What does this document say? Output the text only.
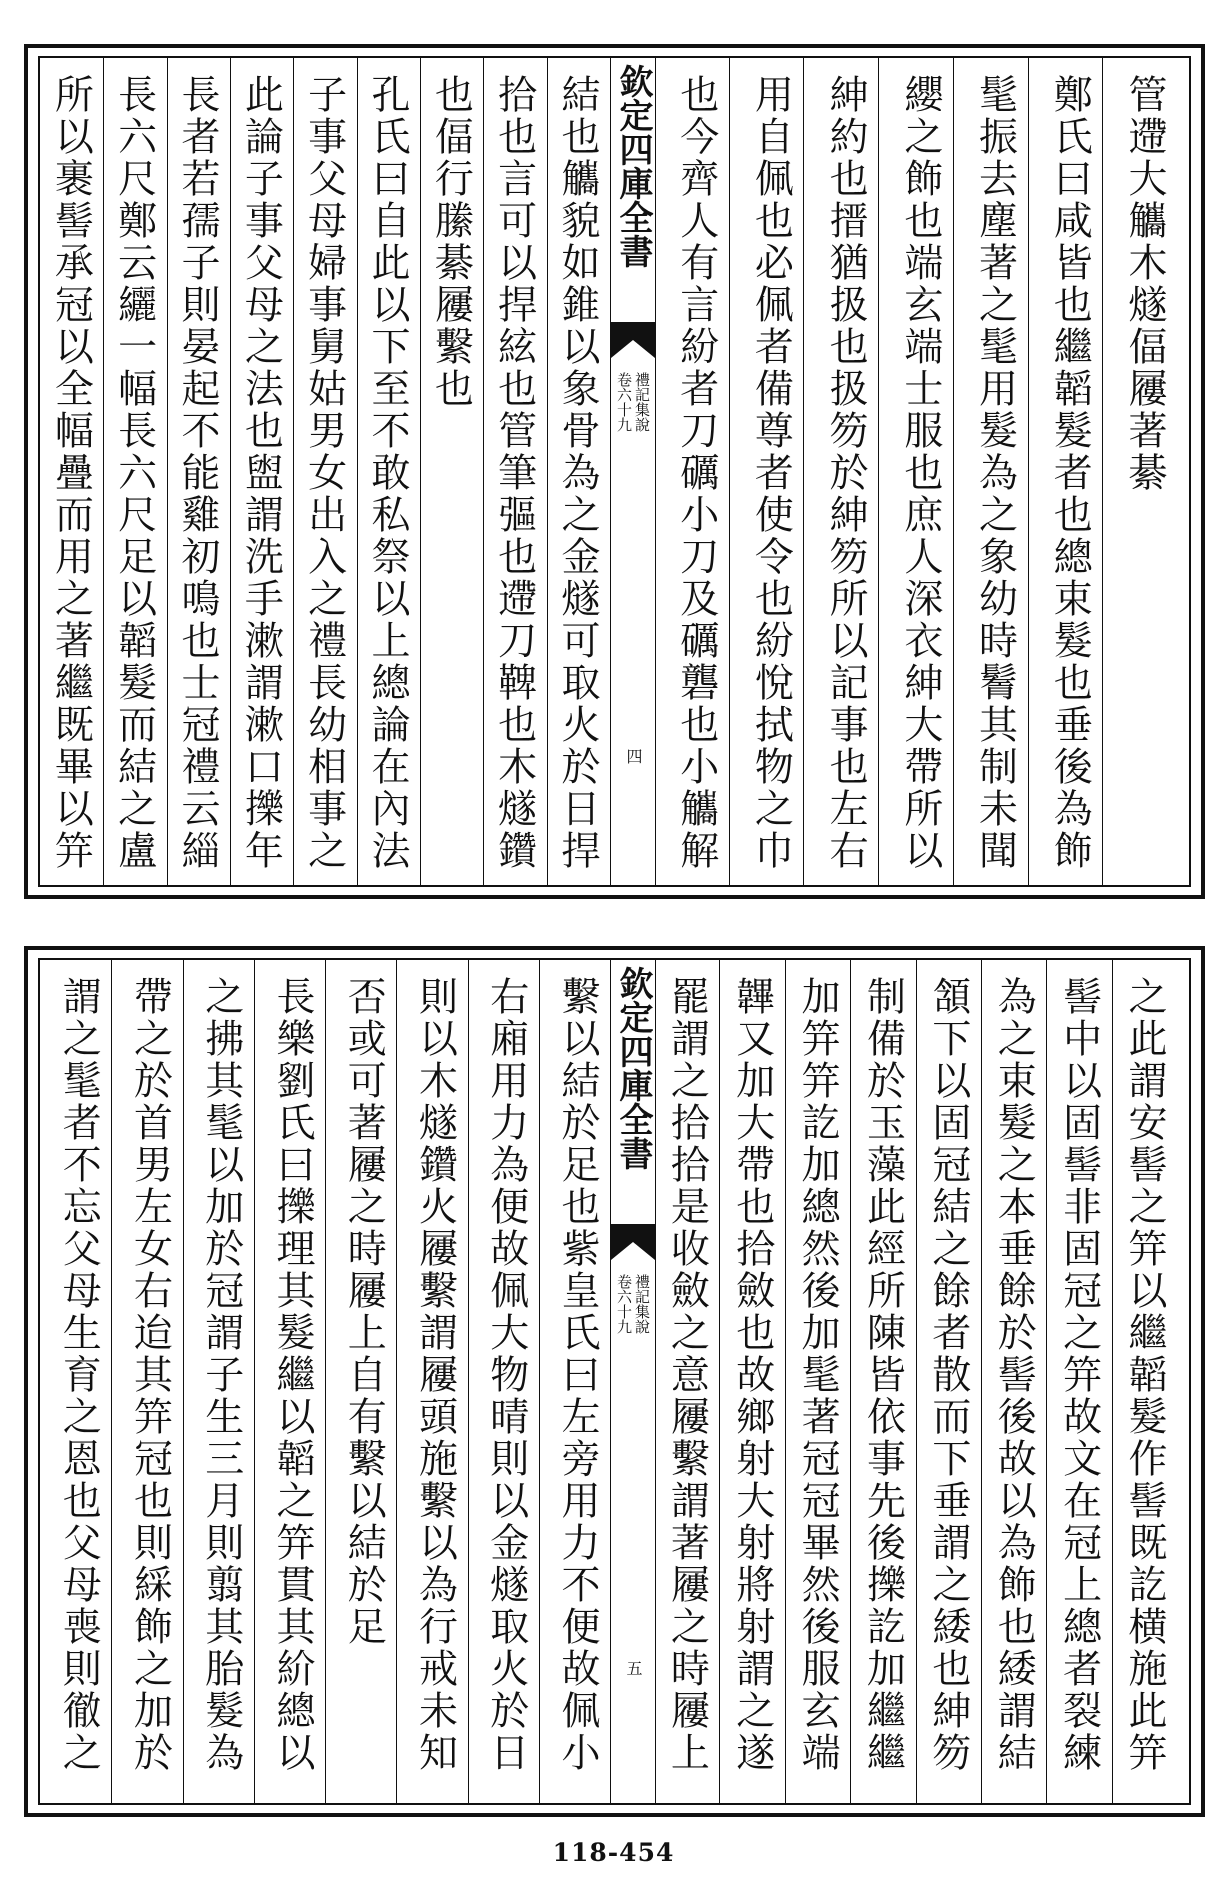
欽定四庫全書
禮記集說
卷六十九
四
管遰大觿木燧偪屨著綦
鄭氏曰咸皆也繼韜髮者也總束髮也垂後為飾
髦振去塵著之髦用髮為之象幼時鬌其制未聞
纓之飾也端玄端士服也庶人深衣紳大帶所以
紳約也搢猶扱也扱笏於紳笏所以記事也左右
用自佩也必佩者備尊者使令也紛悅拭物之巾
也今齊人有言紛者刀礪小刀及礪礱也小觿解
結也觿貌如錐以象骨為之金燧可取火於日捍
拾也言可以捍絃也管筆彄也遰刀鞞也木燧鑽
也偪行縢綦屨繫也
孔氏曰自此以下至不敢私祭以上總論在內法
子事父母婦事舅姑男女出入之禮長幼相事之
此論子事父母之法也盥謂洗手漱謂漱口擽年
長者若孺子則晏起不能雞初鳴也士冠禮云緇
長六尺鄭云纚一幅長六尺足以韜髮而結之盧
所以裹髻承冠以全幅疊而用之著繼既畢以笄
欽定四庫全書
禮記集說
卷六十九
五
之此謂安髻之笄以繼韜髮作髻既訖横施此笄
髻中以固髻非固冠之笄故文在冠上總者裂練
為之束髮之本垂餘於髻後故以為飾也緌謂結
頷下以固冠結之餘者散而下垂謂之緌也紳笏
制備於玉藻此經所陳皆依事先後擽訖加繼繼
加笄笄訖加總然後加髦著冠冠畢然後服玄端
韠又加大帶也拾斂也故鄉射大射將射謂之遂
罷謂之拾拾是收斂之意屨繫謂著屨之時屨上
繫以結於足也紫皇氏曰左旁用力不便故佩小
右廂用力為便故佩大物晴則以金燧取火於日
則以木燧鑽火屨繫謂屨頭施繫以為行戒未知
否或可著屨之時屨上自有繫以結於足
長樂劉氏曰擽理其髮繼以韜之笄貫其紒總以
之拂其髦以加於冠謂子生三月則翦其胎髮為
帶之於首男左女右迨其笄冠也則綵飾之加於
謂之髦者不忘父母生育之恩也父母喪則徹之
118-454
